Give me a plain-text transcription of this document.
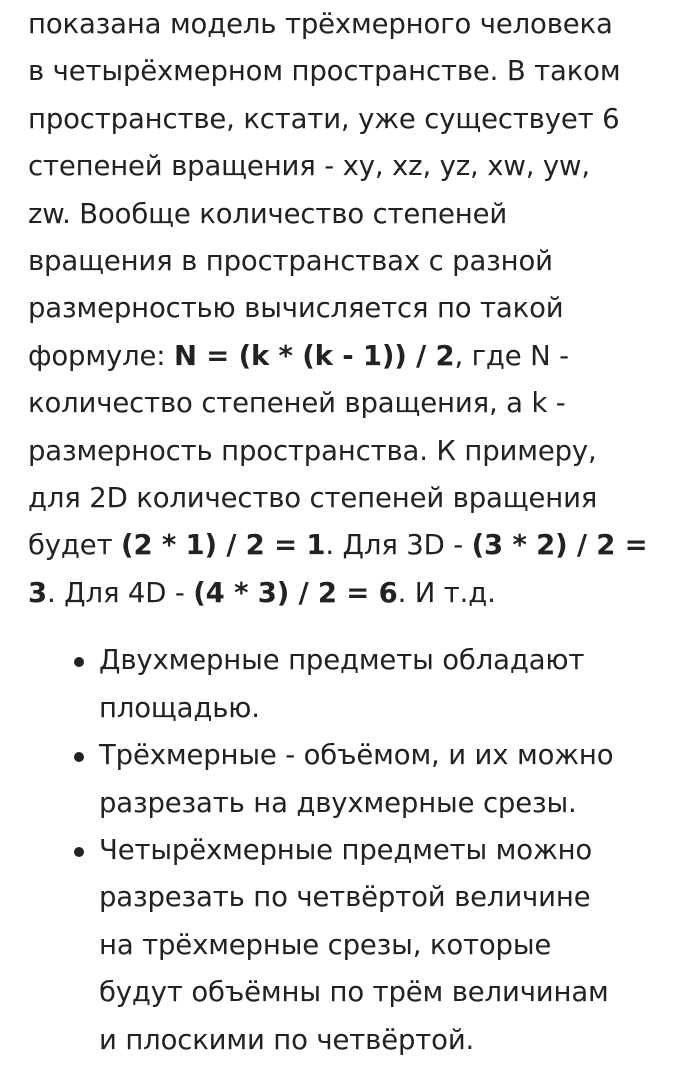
показана модель трёхмерного человека
в четырёхмерном пространстве. В таком
пространстве, кстати, уже существует 6
степеней вращения - xy, xz, yz, xw, yw,
zw. Вообще количество степеней
вращения в пространствах с разной
размерностью вычисляется по такой
формуле: N = (k * (k - 1)) / 2, где N -
количество степеней вращения, а k -
размерность пространства. К примеру,
для 2D количество степеней вращения
будет (2 * 1) / 2 = 1. Для 3D - (3 * 2) / 2 =
3. Для 4D - (4 * 3) / 2 = 6. И т.д.

Двухмерные предметы обладают
площадью.
Трёхмерные - объёмом, и их можно
разрезать на двухмерные срезы.
Четырёхмерные предметы можно
разрезать по четвёртой величине
на трёхмерные срезы, которые
будут объёмны по трём величинам
и плоскими по четвёртой.
